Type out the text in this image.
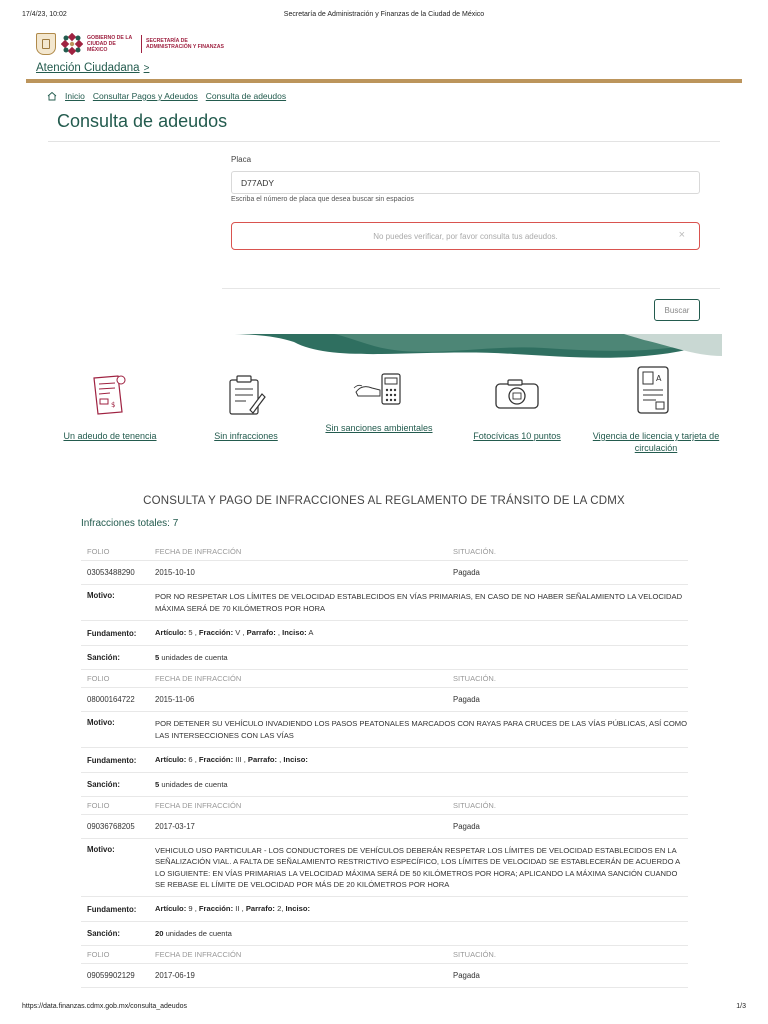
17/4/23, 10:02	Secretaría de Administración y Finanzas de la Ciudad de México
GOBIERNO DE LA
CIUDAD DE MÉXICO
SECRETARÍA DE
ADMINISTRACIÓN Y FINANZAS
Atención Ciudadana >
Inicio Consultar Pagos y Adeudos Consulta de adeudos
Consulta de adeudos
Placa
D77ADY
Escriba el número de placa que desea buscar sin espacios
No puedes verificar, por favor consulta tus adeudos.	×
Buscar
$
Un adeudo de tenencia	Sin infracciones
Sin sanciones ambientales
Fotocívicas 10 puntos
A
Vigencia de licencia y tarjeta de circulación
CONSULTA Y PAGO DE INFRACCIONES AL REGLAMENTO DE TRÁNSITO DE LA CDMX
Infracciones totales: 7
FOLIO	FECHA DE INFRACCIÓN	SITUACIÓN.
03053488290	2015-10-10	Pagada
Motivo:	POR NO RESPETAR LOS LÍMITES DE VELOCIDAD ESTABLECIDOS EN VÍAS PRIMARIAS, EN CASO DE NO HABER SEÑALAMIENTO LA VELOCIDAD MÁXIMA SERÁ DE 70 KILÓMETROS POR HORA
Fundamento:	Artículo: 5 , Fracción: V , Parrafo: , Inciso: A
Sanción:	5 unidades de cuenta
FOLIO	FECHA DE INFRACCIÓN	SITUACIÓN.
08000164722	2015-11-06	Pagada
Motivo:	POR DETENER SU VEHÍCULO INVADIENDO LOS PASOS PEATONALES MARCADOS CON RAYAS PARA CRUCES DE LAS VÍAS PÚBLICAS, ASÍ COMO LAS INTERSECCIONES CON LAS VÍAS
Fundamento:	Artículo: 6 , Fracción: III , Parrafo: , Inciso:
Sanción:	5 unidades de cuenta
FOLIO	FECHA DE INFRACCIÓN	SITUACIÓN.
09036768205	2017-03-17	Pagada
Motivo:	VEHICULO USO PARTICULAR - LOS CONDUCTORES DE VEHÍCULOS DEBERÁN RESPETAR LOS LÍMITES DE VELOCIDAD ESTABLECIDOS EN LA SEÑALIZACIÓN VIAL. A FALTA DE SEÑALAMIENTO RESTRICTIVO ESPECÍFICO, LOS LÍMITES DE VELOCIDAD SE ESTABLECERÁN DE ACUERDO A LO SIGUIENTE: EN VÍAS PRIMARIAS LA VELOCIDAD MÁXIMA SERÁ DE 50 KILÓMETROS POR HORA; APLICANDO LA MÁXIMA SANCIÓN CUANDO SE REBASE EL LÍMITE DE VELOCIDAD POR MÁS DE 20 KILÓMETROS POR HORA
Fundamento:	Artículo: 9 , Fracción: II , Parrafo: 2, Inciso:
Sanción:	20 unidades de cuenta
FOLIO	FECHA DE INFRACCIÓN	SITUACIÓN.
09059902129	2017-06-19	Pagada
https://data.finanzas.cdmx.gob.mx/consulta_adeudos	1/3
